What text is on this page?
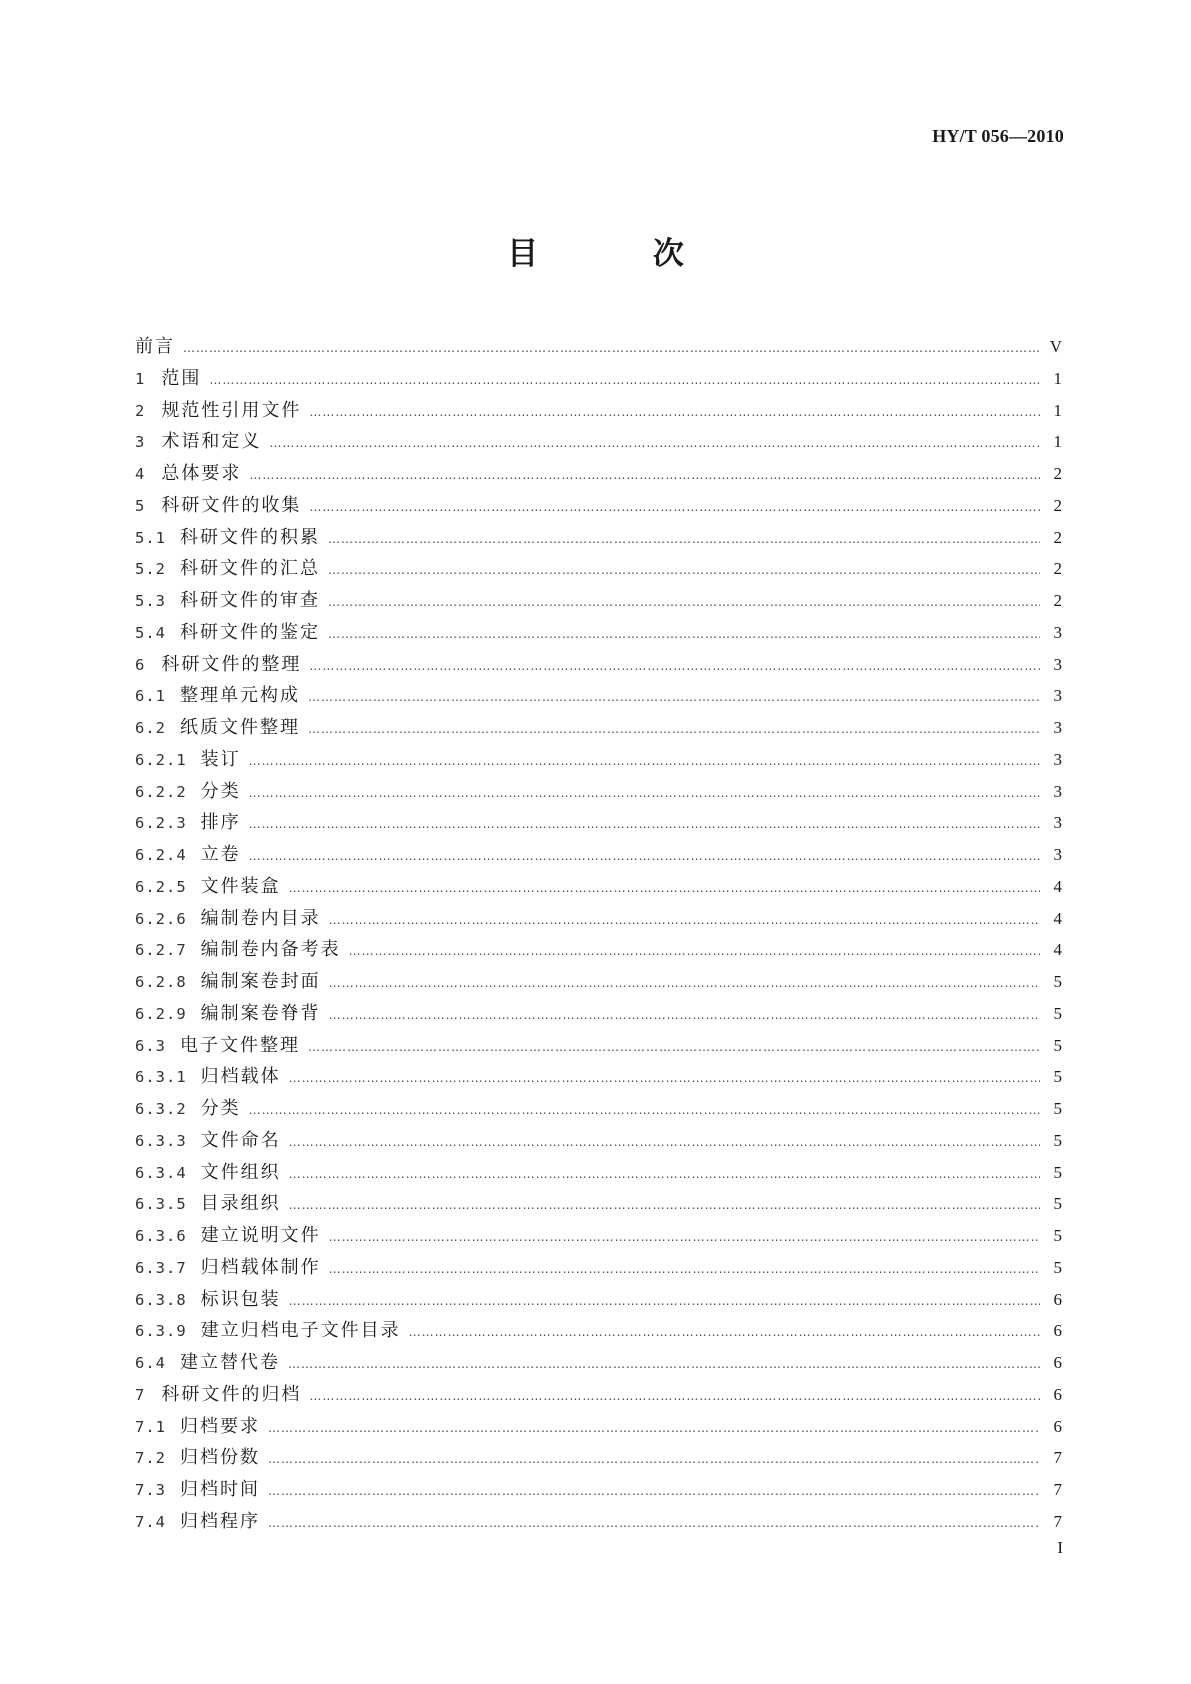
HY/T 056—2010
目 次
前言 ……………………………………………………………………………………………………………………………………………………………………………………………………………………………………………………………………	V
1 范围 ……………………………………………………………………………………………………………………………………………………………………………………………………………………………………………………………………	1
2 规范性引用文件 ……………………………………………………………………………………………………………………………………………………………………………………………………………………………………………………………………	1
3 术语和定义 ……………………………………………………………………………………………………………………………………………………………………………………………………………………………………………………………………	1
4 总体要求 ……………………………………………………………………………………………………………………………………………………………………………………………………………………………………………………………………	2
5 科研文件的收集 ……………………………………………………………………………………………………………………………………………………………………………………………………………………………………………………………………	2
5.1 科研文件的积累 ……………………………………………………………………………………………………………………………………………………………………………………………………………………………………………………………………	2
5.2 科研文件的汇总 ……………………………………………………………………………………………………………………………………………………………………………………………………………………………………………………………………	2
5.3 科研文件的审查 ……………………………………………………………………………………………………………………………………………………………………………………………………………………………………………………………………	2
5.4 科研文件的鉴定 ……………………………………………………………………………………………………………………………………………………………………………………………………………………………………………………………………	3
6 科研文件的整理 ……………………………………………………………………………………………………………………………………………………………………………………………………………………………………………………………………	3
6.1 整理单元构成 ……………………………………………………………………………………………………………………………………………………………………………………………………………………………………………………………………	3
6.2 纸质文件整理 ……………………………………………………………………………………………………………………………………………………………………………………………………………………………………………………………………	3
6.2.1 装订 ……………………………………………………………………………………………………………………………………………………………………………………………………………………………………………………………………	3
6.2.2 分类 ……………………………………………………………………………………………………………………………………………………………………………………………………………………………………………………………………	3
6.2.3 排序 ……………………………………………………………………………………………………………………………………………………………………………………………………………………………………………………………………	3
6.2.4 立卷 ……………………………………………………………………………………………………………………………………………………………………………………………………………………………………………………………………	3
6.2.5 文件装盒 ……………………………………………………………………………………………………………………………………………………………………………………………………………………………………………………………………	4
6.2.6 编制卷内目录 ……………………………………………………………………………………………………………………………………………………………………………………………………………………………………………………………………	4
6.2.7 编制卷内备考表 ……………………………………………………………………………………………………………………………………………………………………………………………………………………………………………………………………	4
6.2.8 编制案卷封面 ……………………………………………………………………………………………………………………………………………………………………………………………………………………………………………………………………	5
6.2.9 编制案卷脊背 ……………………………………………………………………………………………………………………………………………………………………………………………………………………………………………………………………	5
6.3 电子文件整理 ……………………………………………………………………………………………………………………………………………………………………………………………………………………………………………………………………	5
6.3.1 归档载体 ……………………………………………………………………………………………………………………………………………………………………………………………………………………………………………………………………	5
6.3.2 分类 ……………………………………………………………………………………………………………………………………………………………………………………………………………………………………………………………………	5
6.3.3 文件命名 ……………………………………………………………………………………………………………………………………………………………………………………………………………………………………………………………………	5
6.3.4 文件组织 ……………………………………………………………………………………………………………………………………………………………………………………………………………………………………………………………………	5
6.3.5 目录组织 ……………………………………………………………………………………………………………………………………………………………………………………………………………………………………………………………………	5
6.3.6 建立说明文件 ……………………………………………………………………………………………………………………………………………………………………………………………………………………………………………………………………	5
6.3.7 归档载体制作 ……………………………………………………………………………………………………………………………………………………………………………………………………………………………………………………………………	5
6.3.8 标识包装 ……………………………………………………………………………………………………………………………………………………………………………………………………………………………………………………………………	6
6.3.9 建立归档电子文件目录 ……………………………………………………………………………………………………………………………………………………………………………………………………………………………………………………………………	6
6.4 建立替代卷 ……………………………………………………………………………………………………………………………………………………………………………………………………………………………………………………………………	6
7 科研文件的归档 ……………………………………………………………………………………………………………………………………………………………………………………………………………………………………………………………………	6
7.1 归档要求 ……………………………………………………………………………………………………………………………………………………………………………………………………………………………………………………………………	6
7.2 归档份数 ……………………………………………………………………………………………………………………………………………………………………………………………………………………………………………………………………	7
7.3 归档时间 ……………………………………………………………………………………………………………………………………………………………………………………………………………………………………………………………………	7
7.4 归档程序 ……………………………………………………………………………………………………………………………………………………………………………………………………………………………………………………………………	7
I
